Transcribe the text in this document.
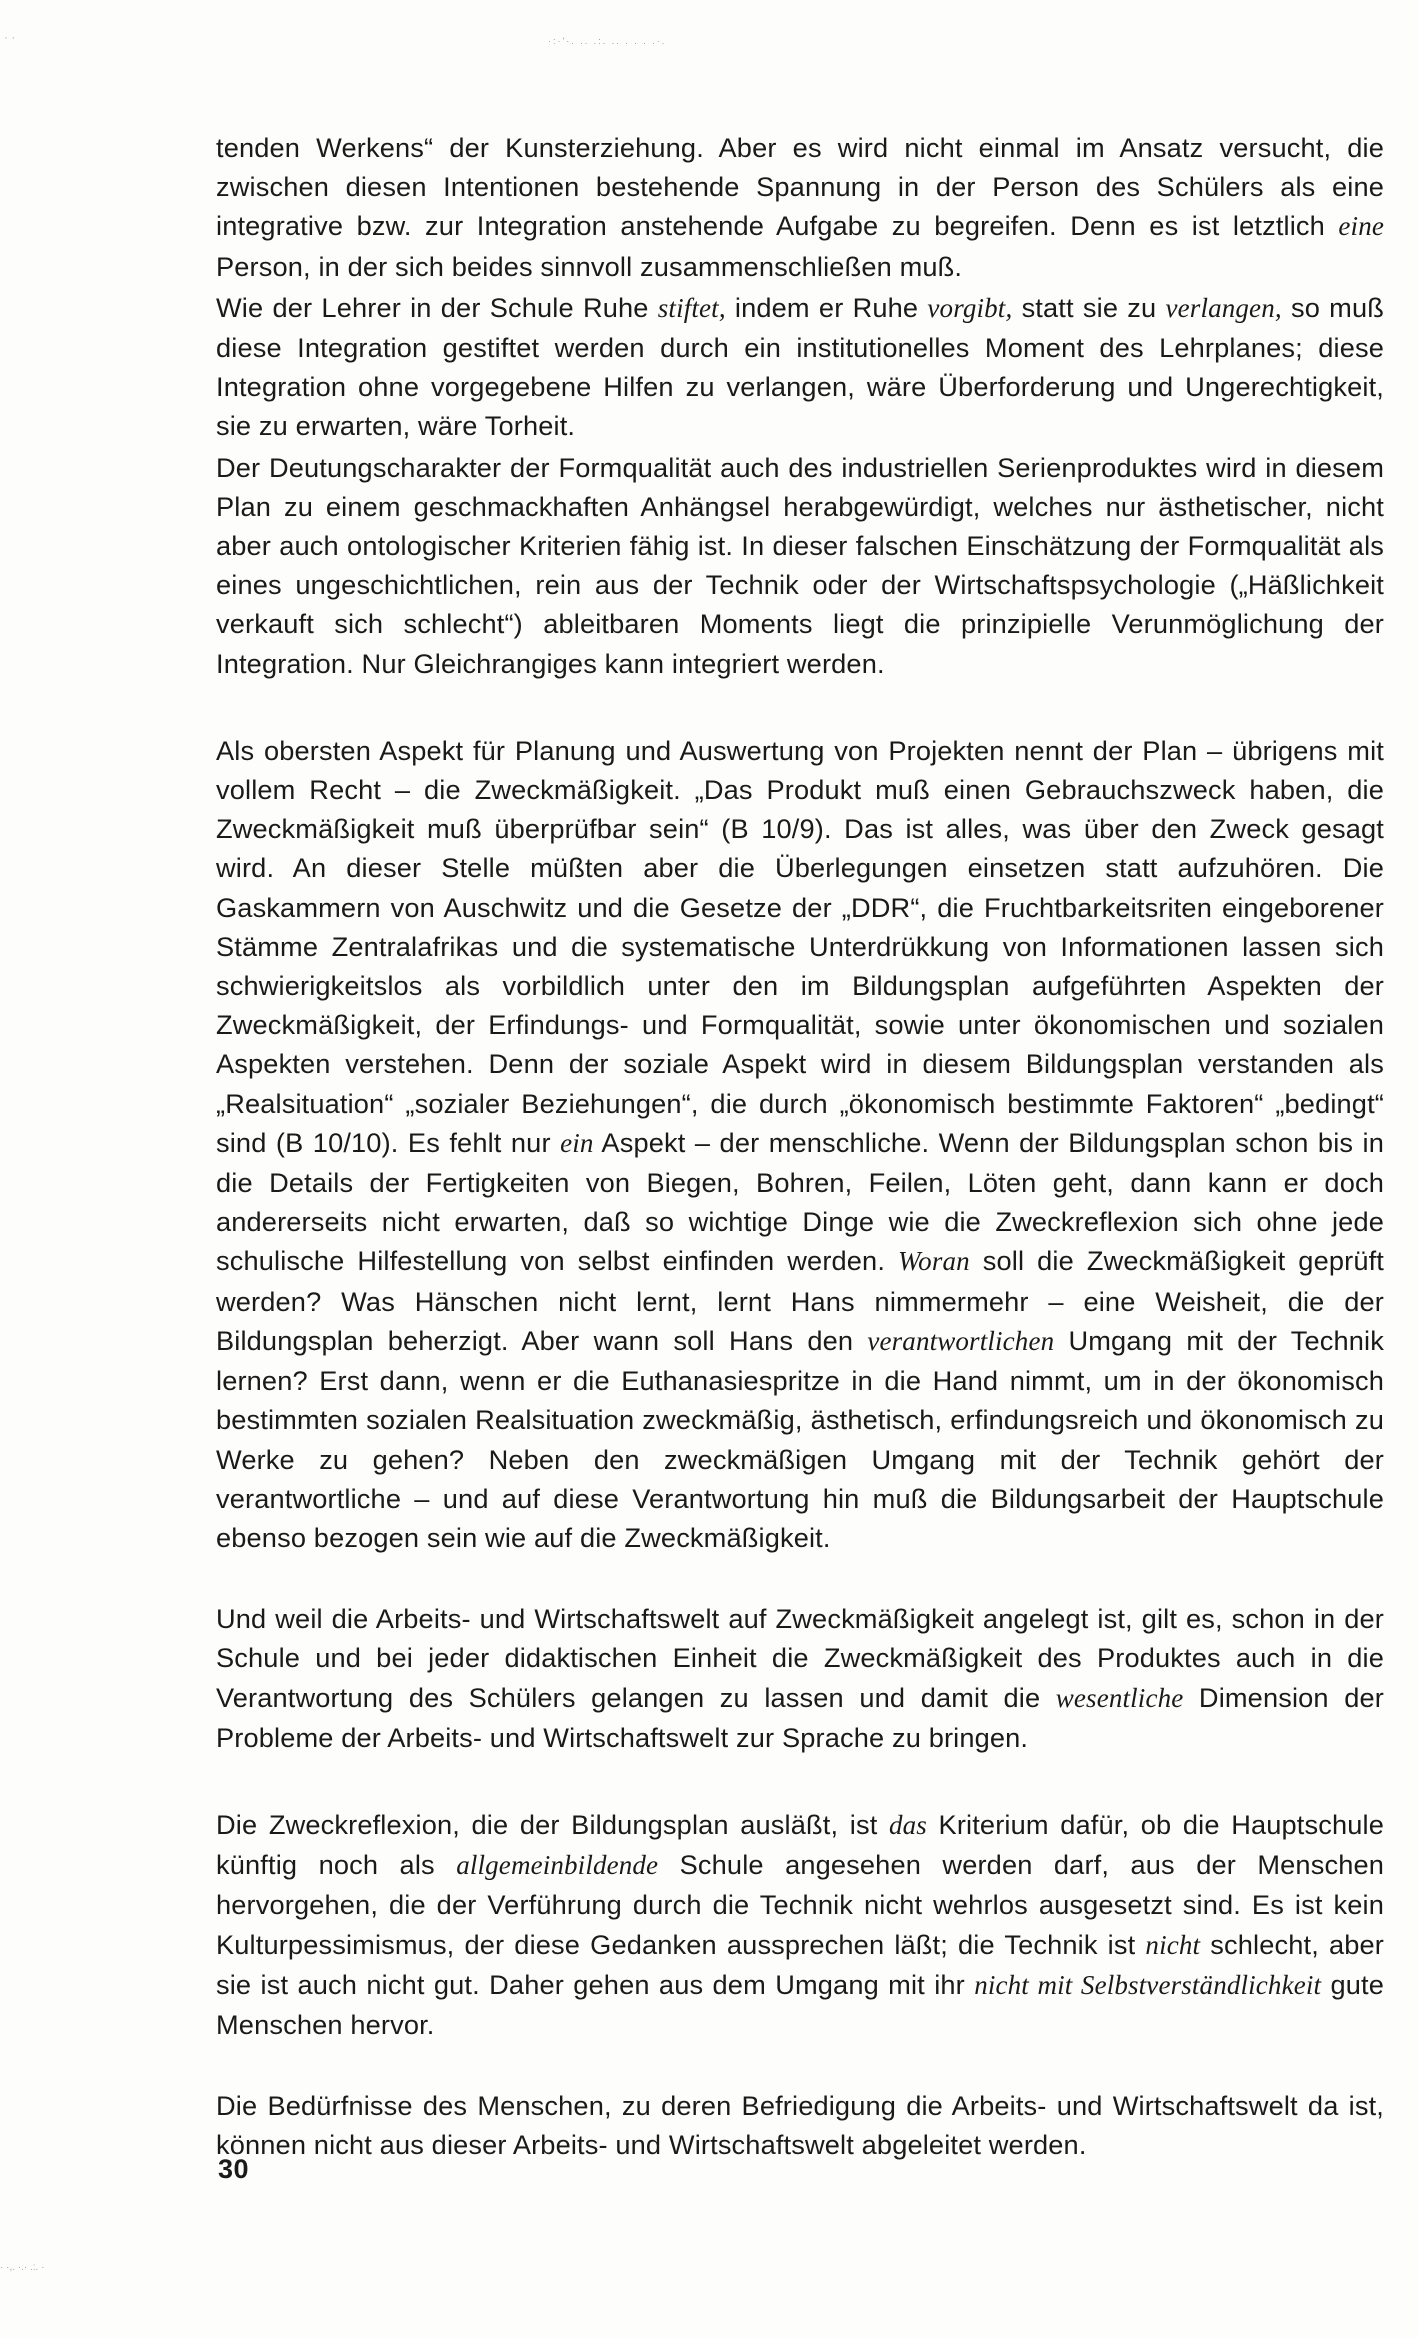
· ·	·:·'·. .. .:. .. . . . .·.

tenden Werkens“ der Kunsterziehung. Aber es wird nicht einmal im Ansatz versucht, die zwischen diesen Intentionen bestehende Spannung in der Person des Schülers als eine integrative bzw. zur Integration anstehende Aufgabe zu begreifen. Denn es ist letztlich eine Person, in der sich beides sinnvoll zusammenschließen muß.

Wie der Lehrer in der Schule Ruhe stiftet, indem er Ruhe vorgibt, statt sie zu verlangen, so muß diese Integration gestiftet werden durch ein institutionelles Moment des Lehrplanes; diese Integration ohne vorgegebene Hilfen zu verlangen, wäre Überforderung und Ungerechtigkeit, sie zu erwarten, wäre Torheit.

Der Deutungscharakter der Formqualität auch des industriellen Serienproduktes wird in diesem Plan zu einem geschmackhaften Anhängsel herabgewürdigt, welches nur ästhetischer, nicht aber auch ontologischer Kriterien fähig ist. In dieser falschen Einschätzung der Formqualität als eines ungeschichtlichen, rein aus der Technik oder der Wirtschaftspsychologie („Häßlichkeit verkauft sich schlecht“) ableitbaren Moments liegt die prinzipielle Verunmöglichung der Integration. Nur Gleichrangiges kann integriert werden.

Als obersten Aspekt für Planung und Auswertung von Projekten nennt der Plan – übrigens mit vollem Recht – die Zweckmäßigkeit. „Das Produkt muß einen Gebrauchszweck haben, die Zweckmäßigkeit muß überprüfbar sein“ (B 10/9). Das ist alles, was über den Zweck gesagt wird. An dieser Stelle müßten aber die Überlegungen einsetzen statt aufzuhören. Die Gaskammern von Auschwitz und die Gesetze der „DDR“, die Fruchtbarkeitsriten eingeborener Stämme Zentralafrikas und die systematische Unterdrükkung von Informationen lassen sich schwierigkeitslos als vorbildlich unter den im Bildungsplan aufgeführten Aspekten der Zweckmäßigkeit, der Erfindungs- und Formqualität, sowie unter ökonomischen und sozialen Aspekten verstehen. Denn der soziale Aspekt wird in diesem Bildungsplan verstanden als „Realsituation“ „sozialer Beziehungen“, die durch „ökonomisch bestimmte Faktoren“ „bedingt“ sind (B 10/10). Es fehlt nur ein Aspekt – der menschliche. Wenn der Bildungsplan schon bis in die Details der Fertigkeiten von Biegen, Bohren, Feilen, Löten geht, dann kann er doch andererseits nicht erwarten, daß so wichtige Dinge wie die Zweckreflexion sich ohne jede schulische Hilfestellung von selbst einfinden werden. Woran soll die Zweckmäßigkeit geprüft werden? Was Hänschen nicht lernt, lernt Hans nimmermehr – eine Weisheit, die der Bildungsplan beherzigt. Aber wann soll Hans den verantwortlichen Umgang mit der Technik lernen? Erst dann, wenn er die Euthanasiespritze in die Hand nimmt, um in der ökonomisch bestimmten sozialen Realsituation zweckmäßig, ästhetisch, erfindungsreich und ökonomisch zu Werke zu gehen? Neben den zweckmäßigen Umgang mit der Technik gehört der verantwortliche – und auf diese Verantwortung hin muß die Bildungsarbeit der Hauptschule ebenso bezogen sein wie auf die Zweckmäßigkeit.

Und weil die Arbeits- und Wirtschaftswelt auf Zweckmäßigkeit angelegt ist, gilt es, schon in der Schule und bei jeder didaktischen Einheit die Zweckmäßigkeit des Produktes auch in die Verantwortung des Schülers gelangen zu lassen und damit die wesentliche Dimension der Probleme der Arbeits- und Wirtschaftswelt zur Sprache zu bringen.

Die Zweckreflexion, die der Bildungsplan ausläßt, ist das Kriterium dafür, ob die Hauptschule künftig noch als allgemeinbildende Schule angesehen werden darf, aus der Menschen hervorgehen, die der Verführung durch die Technik nicht wehrlos ausgesetzt sind. Es ist kein Kulturpessimismus, der diese Gedanken aussprechen läßt; die Technik ist nicht schlecht, aber sie ist auch nicht gut. Daher gehen aus dem Umgang mit ihr nicht mit Selbstverständlichkeit gute Menschen hervor.

Die Bedürfnisse des Menschen, zu deren Befriedigung die Arbeits- und Wirtschaftswelt da ist, können nicht aus dieser Arbeits- und Wirtschaftswelt abgeleitet werden.

30
· ·,. ·.· .:. ·
